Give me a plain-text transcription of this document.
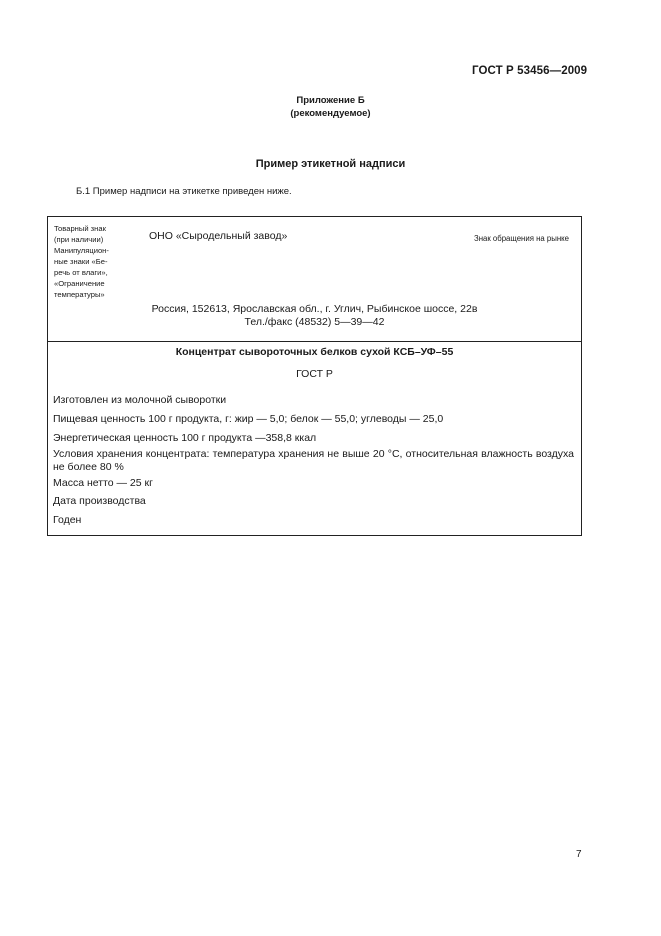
ГОСТ Р 53456—2009
Приложение Б
(рекомендуемое)
Пример этикетной надписи
Б.1 Пример надписи на этикетке приведен ниже.
Товарный знак
(при наличии)
Манипуляцион-
ные знаки «Бе-
речь от влаги»,
«Ограничение
температуры»
ОНО «Сыродельный завод»	Знак обращения на рынке
Россия, 152613, Ярославская обл., г. Углич, Рыбинское шоссе, 22в
Тел./факс (48532) 5—39—42
Концентрат сывороточных белков сухой КСБ–УФ–55
ГОСТ Р
Изготовлен из молочной сыворотки
Пищевая ценность 100 г продукта, г: жир — 5,0; белок — 55,0; углеводы — 25,0
Энергетическая ценность 100 г продукта —358,8 ккал
Условия хранения концентрата: температура хранения не выше 20 °С, относительная влажность воздуха не более 80 %
Масса нетто — 25 кг
Дата производства
Годен
7
